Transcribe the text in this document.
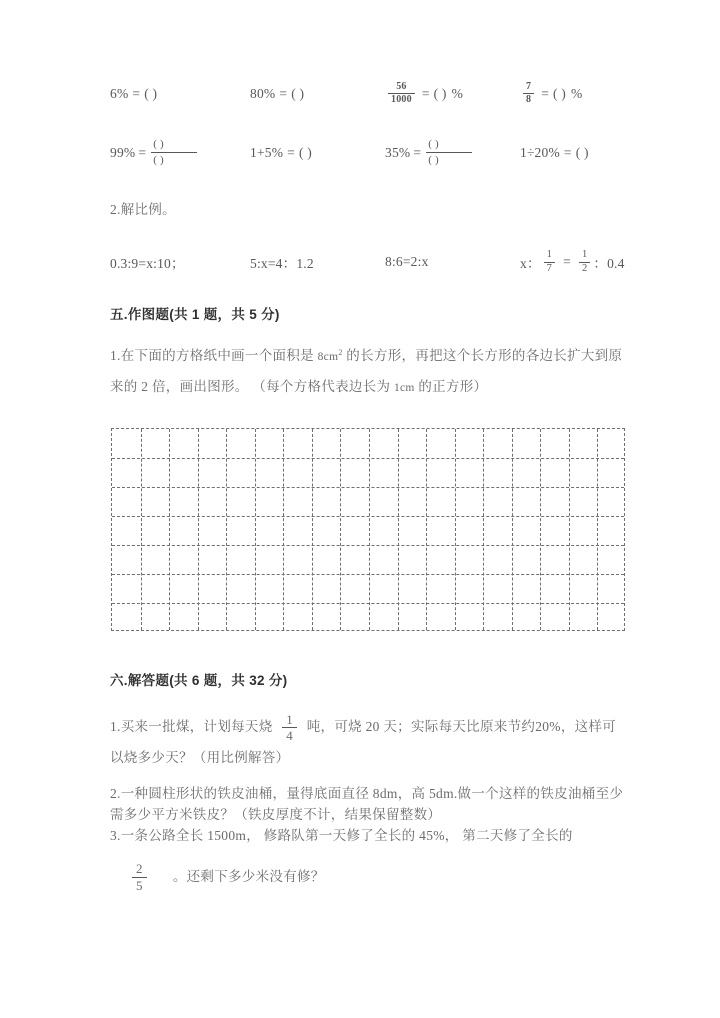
6% = ( )	80% = ( )	$\frac{56}{1000}$ = ( ) %	$\frac{7}{8}$ = ( ) %
$99\% = \frac{( )}{( )}$	1+5% = ( )	$35\% = \frac{( )}{( )}$	1÷20% = ( )
2.解比例。
0.3:9=x:10；	5:x=4：1.2	8:6=2:x	x： $\frac{1}{7} = \frac{1}{2}$ ：0.4
五.作图题(共 1 题，共 5 分)
1.在下面的方格纸中画一个面积是 $8cm^2$ 的长方形，再把这个长方形的各边长扩大到原来的 2 倍，画出图形。 （每个方格代表边长为 1cm 的正方形）
六.解答题(共 6 题，共 32 分)
1.买来一批煤，计划每天烧 $\frac{1}{4}$ 吨，可烧 20 天；实际每天比原来节约20%，这样可以烧多少天？（用比例解答）
2.一种圆柱形状的铁皮油桶，量得底面直径 8dm，高 5dm.做一个这样的铁皮油桶至少需多少平方米铁皮？（铁皮厚度不计，结果保留整数）
3.一条公路全长 1500m， 修路队第一天修了全长的 45%， 第二天修了全长的
$\frac{2}{5}$ 。还剩下多少米没有修？
